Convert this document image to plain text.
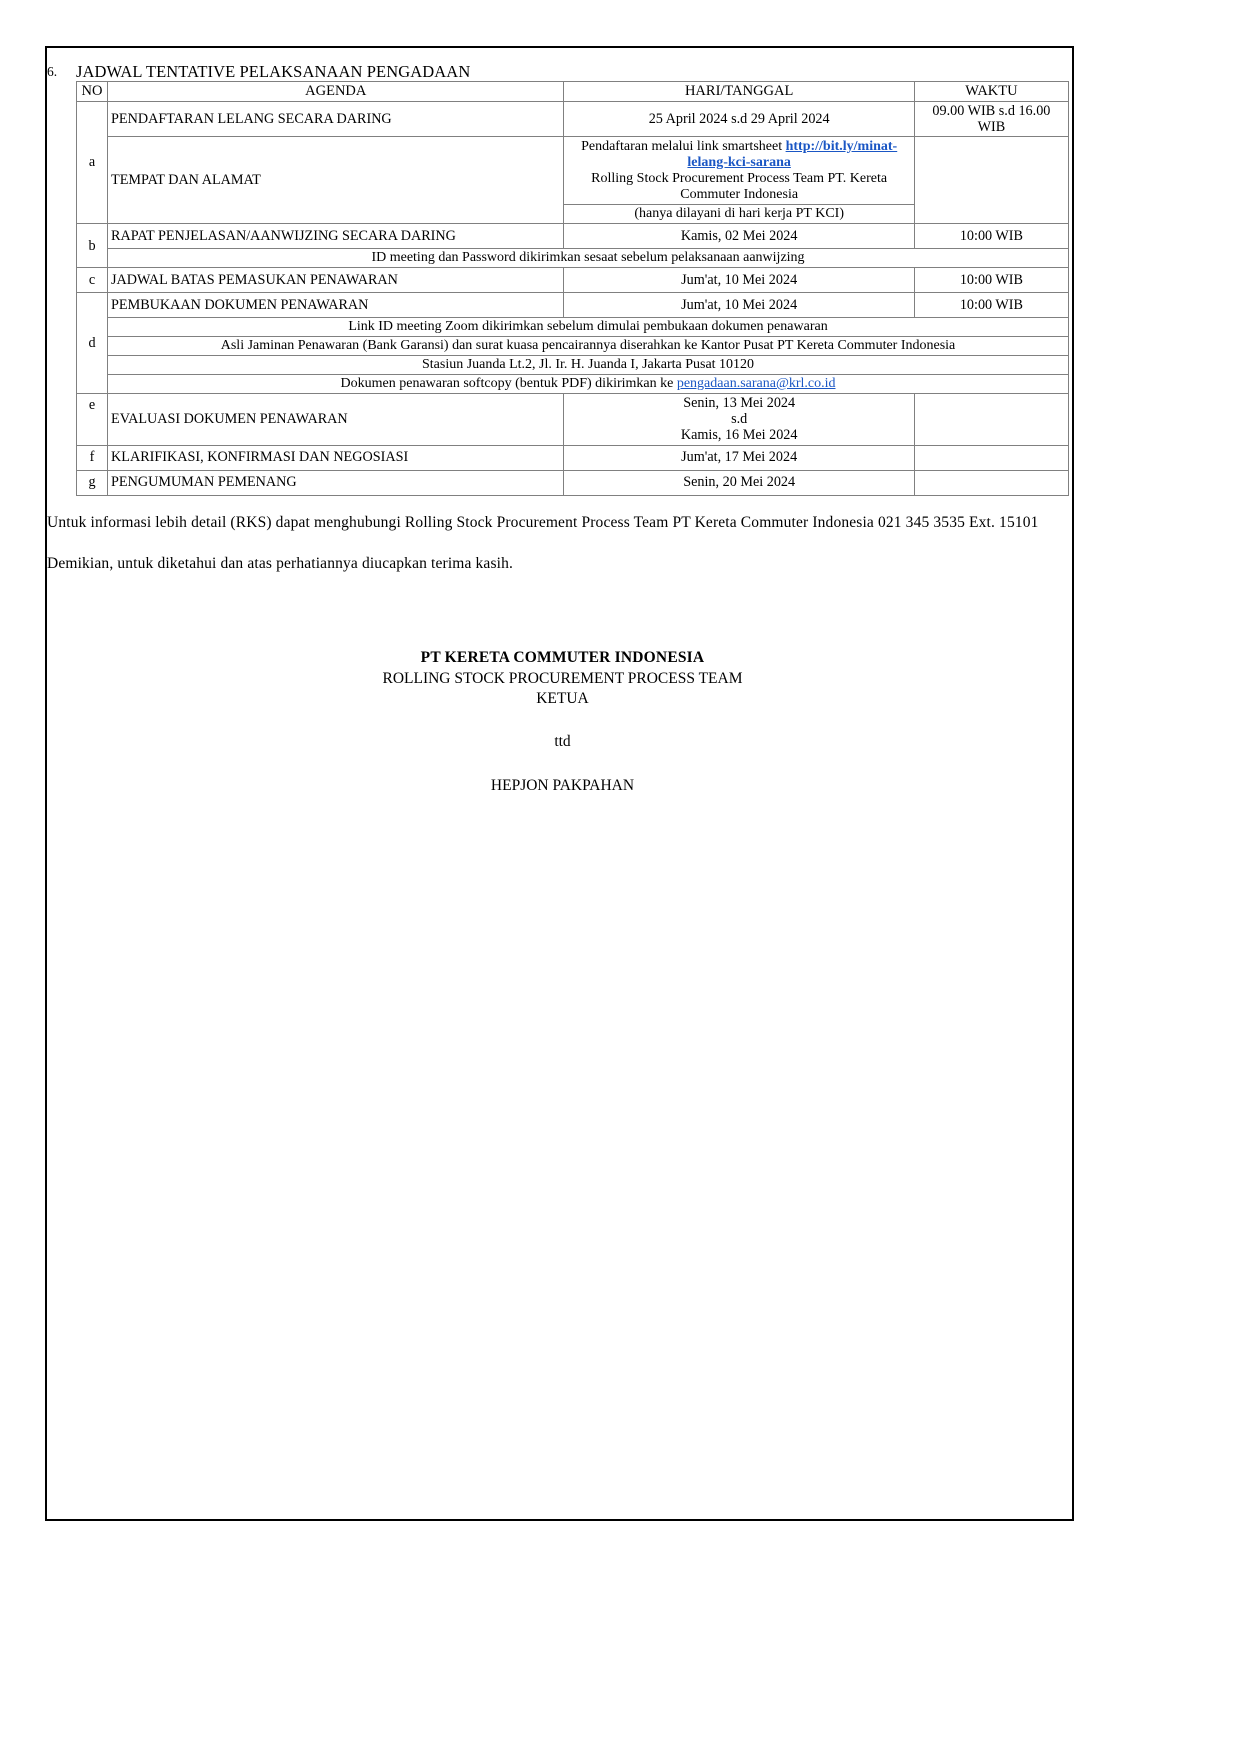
6.	JADWAL TENTATIVE PELAKSANAAN PENGADAAN
NO	AGENDA	HARI/TANGGAL	WAKTU
a	PENDAFTARAN LELANG SECARA DARING	25 April 2024 s.d 29 April 2024	09.00 WIB s.d 16.00 WIB
	TEMPAT DAN ALAMAT	Pendaftaran melalui link smartsheet http://bit.ly/minat-lelang-kci-sarana
Rolling Stock Procurement Process Team PT. Kereta Commuter Indonesia	

		(hanya dilayani di hari kerja PT KCI)	
b	RAPAT PENJELASAN/AANWIJZING SECARA DARING	Kamis, 02 Mei 2024	10:00 WIB
	ID meeting dan Password dikirimkan sesaat sebelum pelaksanaan aanwijzing		
c	JADWAL BATAS PEMASUKAN PENAWARAN	Jum'at, 10 Mei 2024	10:00 WIB
d	PEMBUKAAN DOKUMEN PENAWARAN	Jum'at, 10 Mei 2024	10:00 WIB
	Link ID meeting Zoom dikirimkan sebelum dimulai pembukaan dokumen penawaran		
	Asli Jaminan Penawaran (Bank Garansi) dan surat kuasa pencairannya diserahkan ke Kantor Pusat PT Kereta Commuter Indonesia		
	Stasiun Juanda Lt.2, Jl. Ir. H. Juanda I, Jakarta Pusat 10120		
	Dokumen penawaran softcopy (bentuk PDF) dikirimkan ke pengadaan.sarana@krl.co.id		
e	EVALUASI DOKUMEN PENAWARAN	Senin, 13 Mei 2024
s.d
Kamis, 16 Mei 2024	

f	KLARIFIKASI, KONFIRMASI DAN NEGOSIASI	Jum'at, 17 Mei 2024	
g	PENGUMUMAN PEMENANG	Senin, 20 Mei 2024	

Untuk informasi lebih detail (RKS) dapat menghubungi Rolling Stock Procurement Process Team PT Kereta Commuter Indonesia 021 345 3535 Ext. 15101

Demikian, untuk diketahui dan atas perhatiannya diucapkan terima kasih.

PT KERETA COMMUTER INDONESIA
ROLLING STOCK PROCUREMENT PROCESS TEAM
KETUA
ttd
HEPJON PAKPAHAN
